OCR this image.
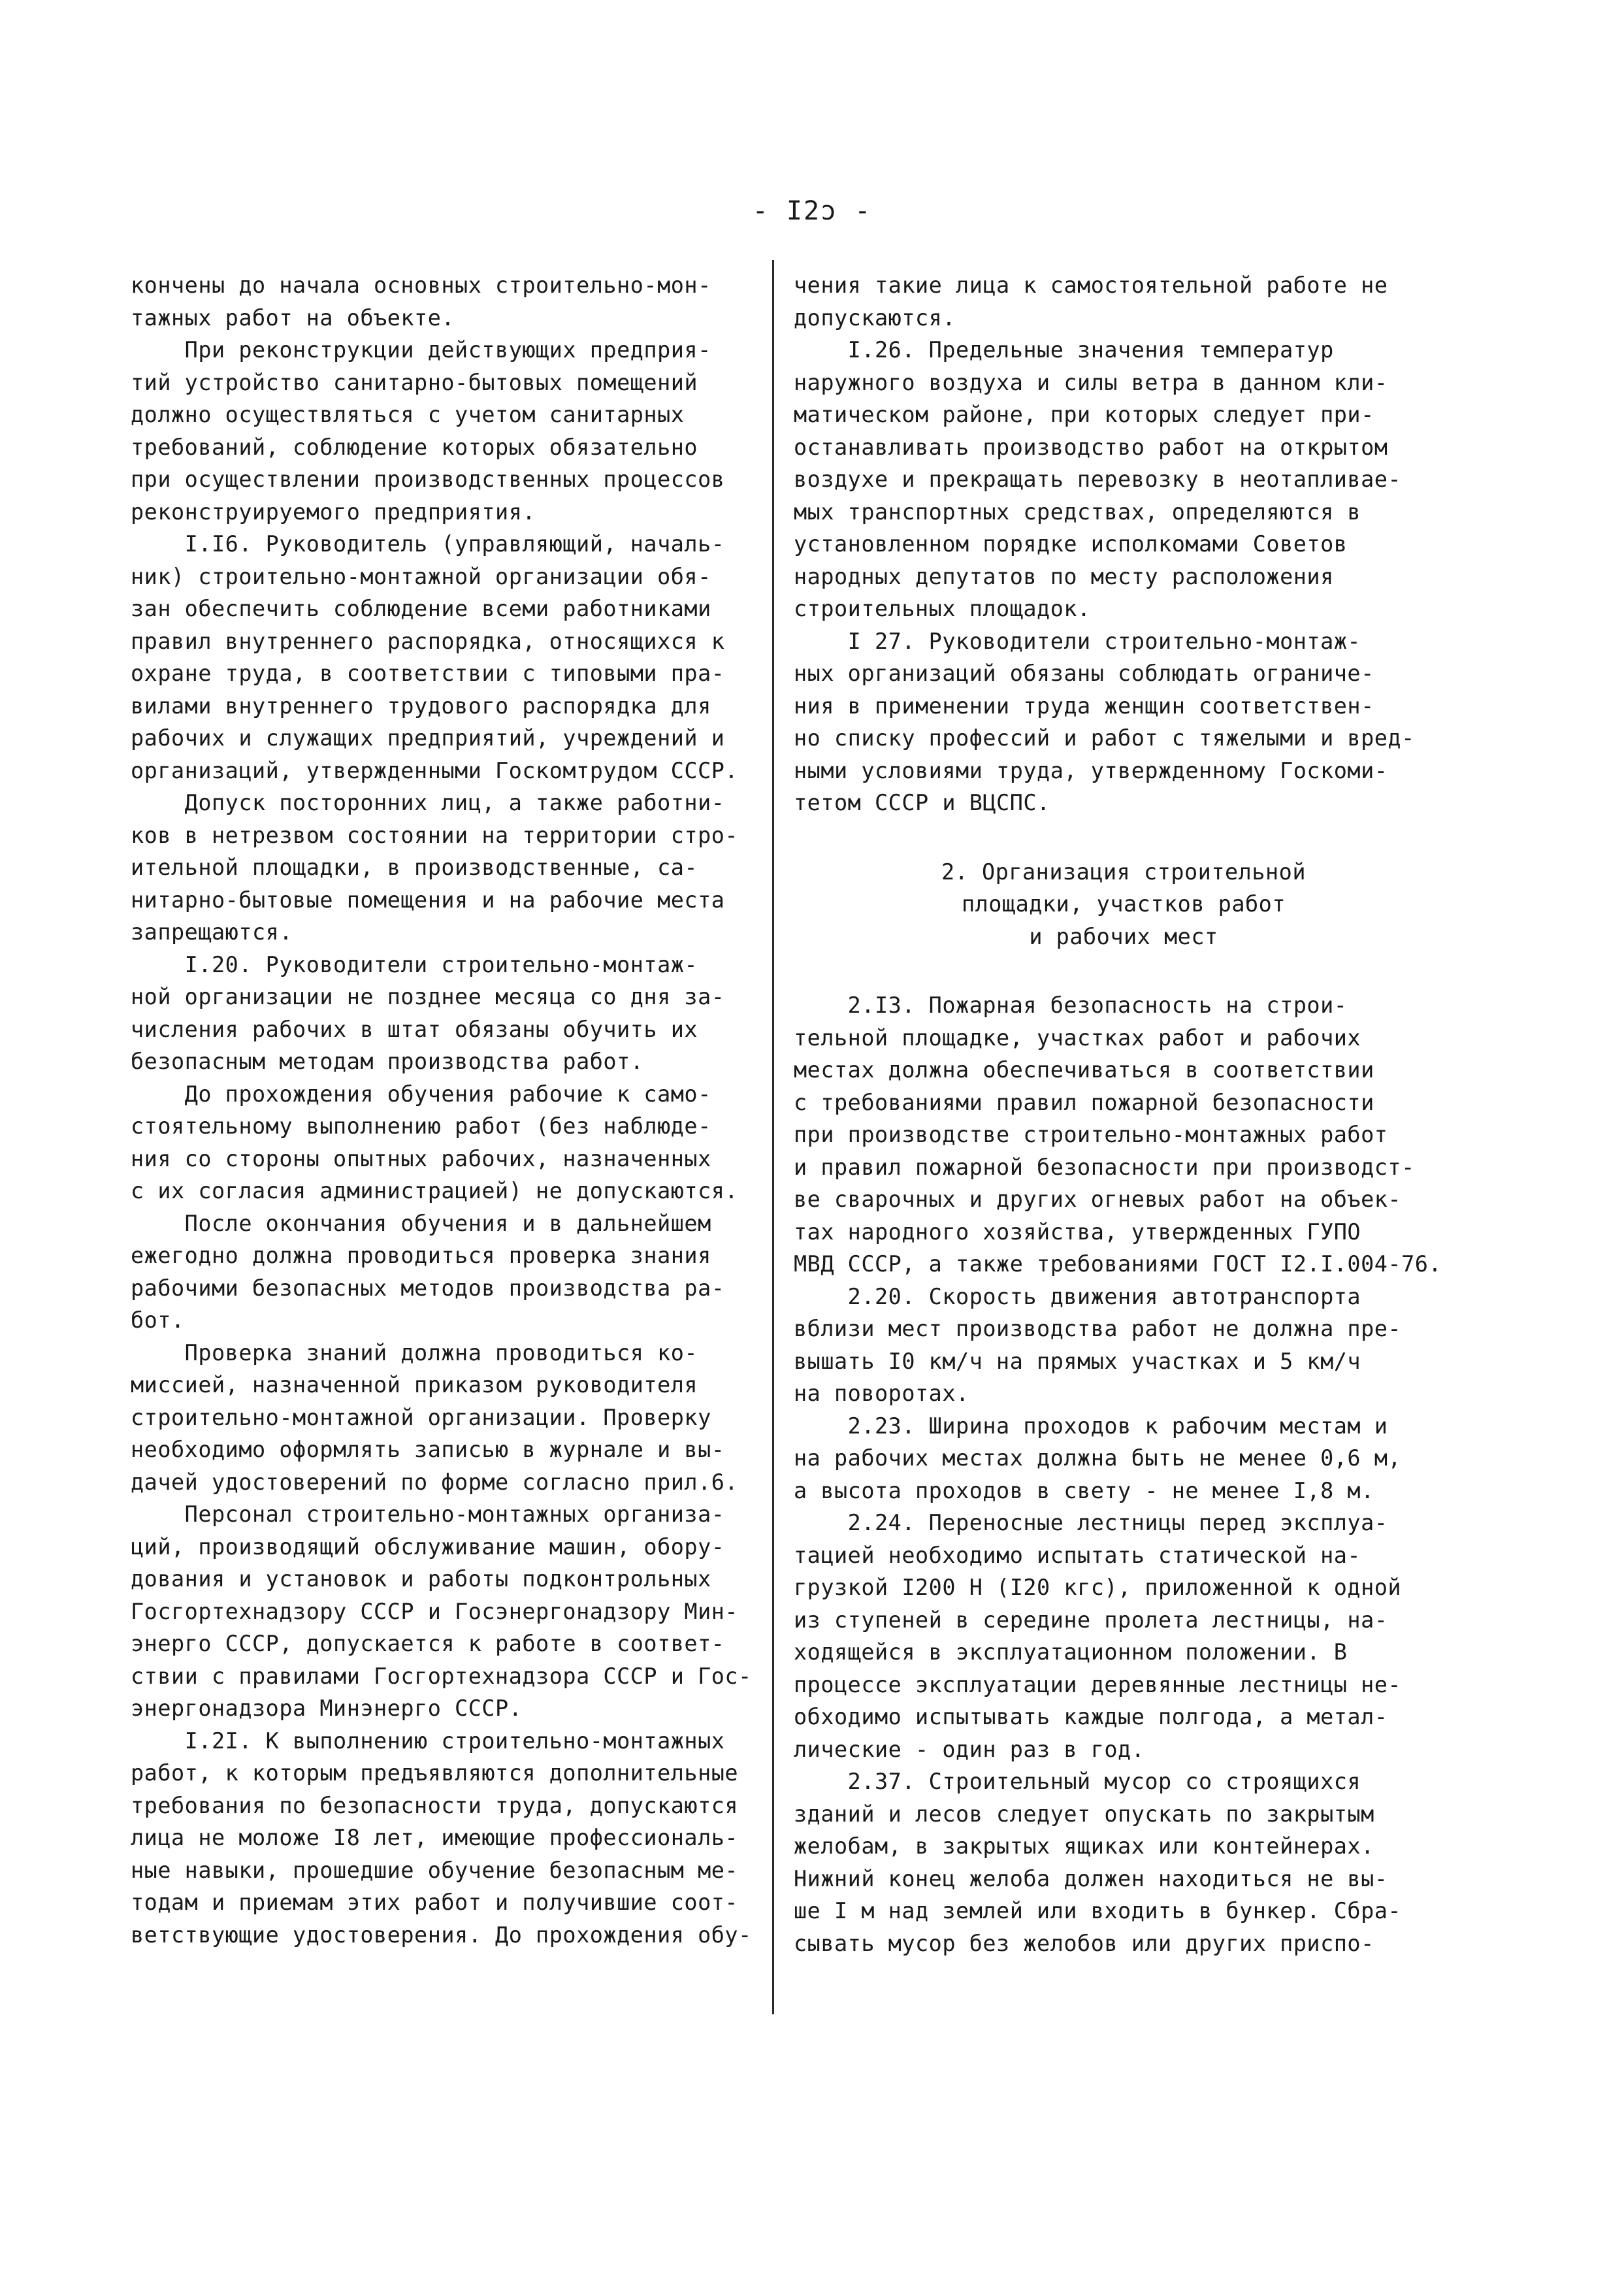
- I2ɔ -
кончены до начала основных строительно-мон-
тажных работ на объекте.
При реконструкции действующих предприя-
тий устройство санитарно-бытовых помещений
должно осуществляться с учетом санитарных
требований, соблюдение которых обязательно
при осуществлении производственных процессов
реконструируемого предприятия.
I.I6. Руководитель (управляющий, началь-
ник) строительно-монтажной организации обя-
зан обеспечить соблюдение всеми работниками
правил внутреннего распорядка, относящихся к
охране труда, в соответствии с типовыми пра-
вилами внутреннего трудового распорядка для
рабочих и служащих предприятий, учреждений и
организаций, утвержденными Госкомтрудом СССР.
Допуск посторонних лиц, а также работни-
ков в нетрезвом состоянии на территории стро-
ительной площадки, в производственные, са-
нитарно-бытовые помещения и на рабочие места
запрещаются.
I.20. Руководители строительно-монтаж-
ной организации не позднее месяца со дня за-
числения рабочих в штат обязаны обучить их
безопасным методам производства работ.
До прохождения обучения рабочие к само-
стоятельному выполнению работ (без наблюде-
ния со стороны опытных рабочих, назначенных
с их согласия администрацией) не допускаются.
После окончания обучения и в дальнейшем
ежегодно должна проводиться проверка знания
рабочими безопасных методов производства ра-
бот.
Проверка знаний должна проводиться ко-
миссией, назначенной приказом руководителя
строительно-монтажной организации. Проверку
необходимо оформлять записью в журнале и вы-
дачей удостоверений по форме согласно прил.6.
Персонал строительно-монтажных организа-
ций, производящий обслуживание машин, обору-
дования и установок и работы подконтрольных
Госгортехнадзору СССР и Госэнергонадзору Мин-
энерго СССР, допускается к работе в соответ-
ствии с правилами Госгортехнадзора СССР и Гос-
энергонадзора Минэнерго СССР.
I.2I. К выполнению строительно-монтажных
работ, к которым предъявляются дополнительные
требования по безопасности труда, допускаются
лица не моложе I8 лет, имеющие профессиональ-
ные навыки, прошедшие обучение безопасным ме-
тодам и приемам этих работ и получившие соот-
ветствующие удостоверения. До прохождения обу-
чения такие лица к самостоятельной работе не
допускаются.
I.26. Предельные значения температур
наружного воздуха и силы ветра в данном кли-
матическом районе, при которых следует при-
останавливать производство работ на открытом
воздухе и прекращать перевозку в неотапливае-
мых транспортных средствах, определяются в
установленном порядке исполкомами Советов
народных депутатов по месту расположения
строительных площадок.
I 27. Руководители строительно-монтаж-
ных организаций обязаны соблюдать ограниче-
ния в применении труда женщин соответствен-
но списку профессий и работ с тяжелыми и вред-
ными условиями труда, утвержденному Госкоми-
тетом СССР и ВЦСПС.
2. Организация строительной
площадки, участков работ
и рабочих мест
2.I3. Пожарная безопасность на строи-
тельной площадке, участках работ и рабочих
местах должна обеспечиваться в соответствии
с требованиями правил пожарной безопасности
при производстве строительно-монтажных работ
и правил пожарной безопасности при производст-
ве сварочных и других огневых работ на объек-
тах народного хозяйства, утвержденных ГУПО
МВД СССР, а также требованиями ГОСТ I2.I.004-76.
2.20. Скорость движения автотранспорта
вблизи мест производства работ не должна пре-
вышать I0 км/ч на прямых участках и 5 км/ч
на поворотах.
2.23. Ширина проходов к рабочим местам и
на рабочих местах должна быть не менее 0,6 м,
а высота проходов в свету - не менее I,8 м.
2.24. Переносные лестницы перед эксплуа-
тацией необходимо испытать статической на-
грузкой I200 Н (I20 кгс), приложенной к одной
из ступеней в середине пролета лестницы, на-
ходящейся в эксплуатационном положении. В
процессе эксплуатации деревянные лестницы не-
обходимо испытывать каждые полгода, а метал-
лические - один раз в год.
2.37. Строительный мусор со строящихся
зданий и лесов следует опускать по закрытым
желобам, в закрытых ящиках или контейнерах.
Нижний конец желоба должен находиться не вы-
ше I м над землей или входить в бункер. Сбра-
сывать мусор без желобов или других приспо-
